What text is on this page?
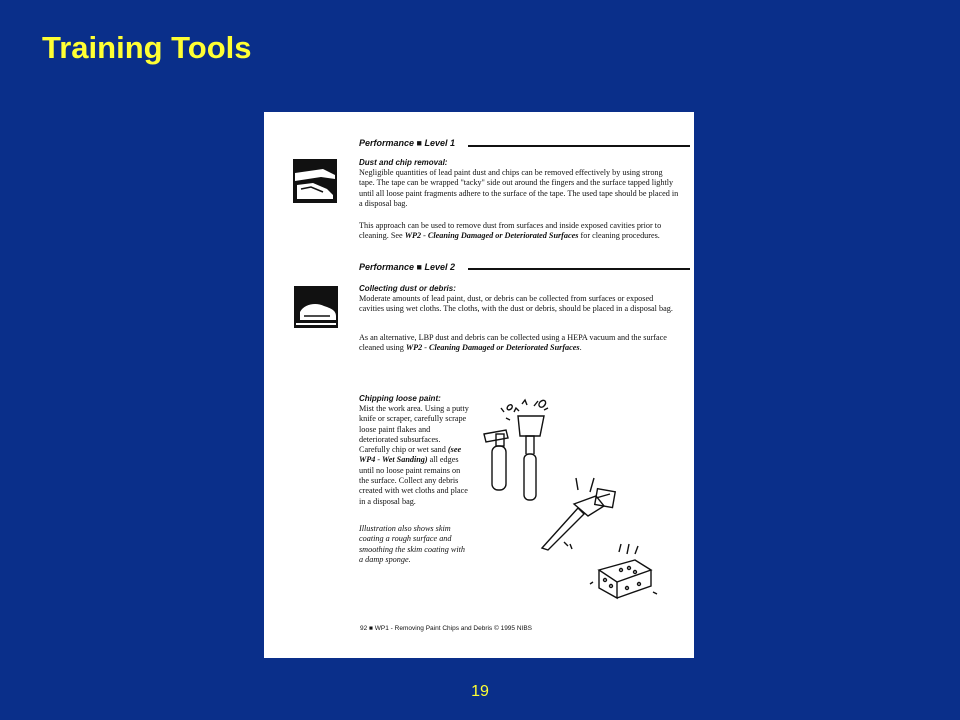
Training Tools
Performance ■ Level 1
Dust and chip removal:
Negligible quantities of lead paint dust and chips can be removed effectively by using strong tape. The tape can be wrapped "tacky" side out around the fingers and the surface tapped lightly until all loose paint fragments adhere to the surface of the tape. The used tape should be placed in a disposal bag.
This approach can be used to remove dust from surfaces and inside exposed cavities prior to cleaning. See WP2 - Cleaning Damaged or Deteriorated Surfaces for cleaning procedures.
Performance ■ Level 2
Collecting dust or debris:
Moderate amounts of lead paint, dust, or debris can be collected from surfaces or exposed cavities using wet cloths. The cloths, with the dust or debris, should be placed in a disposal bag.
As an alternative, LBP dust and debris can be collected using a HEPA vacuum and the surface cleaned using WP2 - Cleaning Damaged or Deteriorated Surfaces.
Chipping loose paint:
Mist the work area. Using a putty knife or scraper, carefully scrape loose paint flakes and deteriorated subsurfaces. Carefully chip or wet sand (see WP4 - Wet Sanding) all edges until no loose paint remains on the surface. Collect any debris created with wet cloths and place in a disposal bag.
Illustration also shows skim coating a rough surface and smoothing the skim coating with a damp sponge.
92 ■ WP1 - Removing Paint Chips and Debris © 1995 NIBS
19
